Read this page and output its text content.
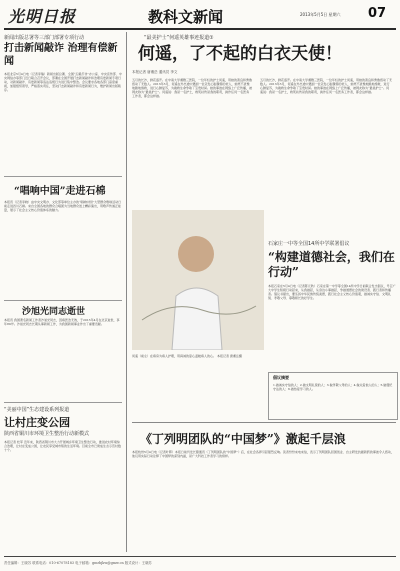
光明日报	教科文新闻	2013年5月5日 星期六 07
新闻出版总署等三部门部署专项行动
打击新闻敲诈 治理有偿新闻
本报北京5月4日电（记者李瑞）新闻出版总署、全国“扫黄打非”办公室、中央宣传部、中央网信办等部门近日联合召开会议，部署在全国开展打击新闻敲诈和治理有偿新闻专项行动，对新闻敲诈、有偿新闻等违法违规行为进行集中整治。会议要求各地各部门高度重视，加强组织领导，严格落实责任，坚决打击新闻敲诈和有偿新闻行为，维护新闻出版秩序。
“唱响中国”走进石棉
本报讯（记者李晓）由中央文明办、文化部等单位主办的“唱响中国”大型群众歌咏活动日前走进四川石棉。来自全国各地的群众合唱团为当地群众送上精彩演出，用歌声传递正能量，展示了社会主义核心价值体系的魅力。
沙旭光同志逝世
本报讯 我国著名新闻工作者沙旭光同志，因病医治无效，于2013年4月在北京逝世，享年89岁。沙旭光同志长期从事新闻工作，为我国新闻事业作出了重要贡献。
“美丽中国”生态建设系列报道
让村庄变公园
陕西省铜川市环境卫生整治行动新模式
本报记者 杜军 近年来，陕西省铜川市大力开展城乡环境卫生整治行动，推进农村环境综合治理，让村庄变成公园，让农民享受城市般的生活环境。目前全市已建成生态示范村数十个。
“最美护士”何遥英雄事迹报道①
何遥，了不起的白衣天使！
本报记者 唐湘岳 通讯员 李文
五月的长沙，鲜花盛开。在中南大学湘雅三医院，一位年轻的护士何遥，用她的善良和勇敢感动了无数人。2013年3月，何遥在外出途中遇到一位突发心脏骤停的老人，她毫不犹豫地跪地施救，进行心肺复苏，为挽救生命争取了宝贵时间。她的事迹在网络上广泛传播，被网友称为“最美护士”。何遥说：我是一名护士，救死扶伤是我的职责，换作任何一名医务工作者，都会这样做。
何遥（前左）在病房为病人护理，用真诚的爱心温暖病人的心。 本报记者 唐湘岳摄
五月的长沙，鲜花盛开。在中南大学湘雅三医院，一位年轻的护士何遥，用她的善良和勇敢感动了无数人。2013年3月，何遥在外出途中遇到一位突发心脏骤停的老人，她毫不犹豫地跪地施救，进行心肺复苏，为挽救生命争取了宝贵时间。她的事迹在网络上广泛传播，被网友称为“最美护士”。何遥说：我是一名护士，救死扶伤是我的职责，换作任何一名医务工作者，都会这样做。
石家庄一中等全国14所中学联署倡议
“构建道德社会，我们在行动”
本报石家庄5月4日电（记者陈元秋）石家庄第一中学等全国14所中学日前联合发出倡议，号召广大中学生积极行动起来，从我做起，从身边小事做起，争做道德社会的建设者、践行者和传播者。倡议书提出，要弘扬中华民族传统美德，践行社会主义核心价值观，做诚实守信、文明礼貌、孝敬父母、尊敬师长的好学生。
倡议摘要
1.做诚实守信的人；2.做文明礼貌的人；3.做孝敬父母的人；4.做关爱他人的人；5.做遵纪守法的人；6.做热爱学习的人。
《丁列明团队的“中国梦”》激起千层浪
本报杭州5月4日电（记者叶辉）本报日前刊发长篇通讯《丁列明团队的“中国梦”》后，在社会各界引起强烈反响。读者纷纷来电来信，表示丁列明团队回国创业、自主研发抗癌新药的事迹令人感动，他们用实际行动诠释了中国梦的深刻内涵，是广大科技工作者学习的榜样。
责任编辑：王晓苏 联系电话：010-67078183 电子邮箱：gmrbjkw@gmw.cn 版式设计：王晓苏
